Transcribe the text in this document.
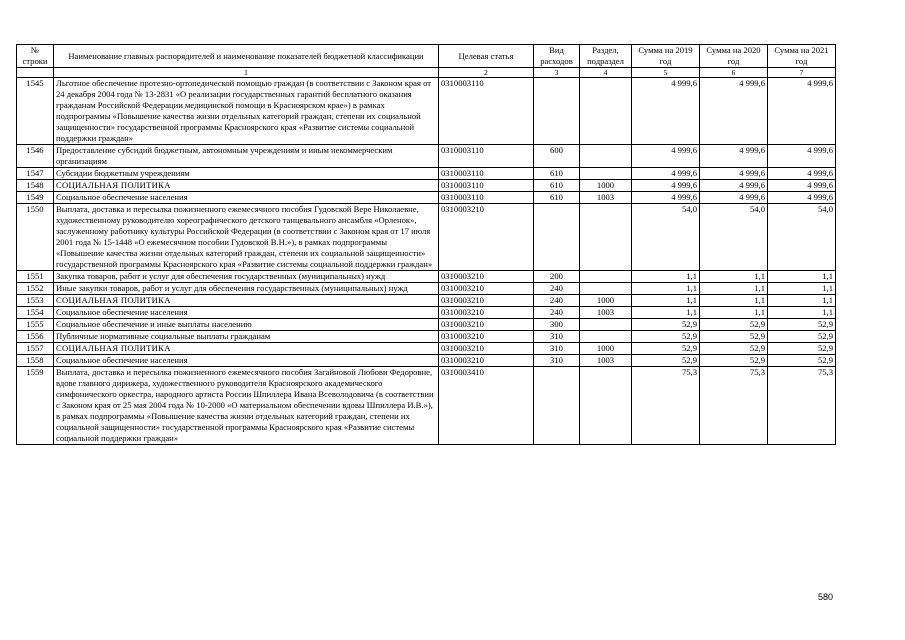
№ строки	Наименование главных распорядителей и наименование показателей бюджетной классификации	Целевая статья	Вид расходов	Раздел, подраздел	Сумма на 2019 год	Сумма на 2020 год	Сумма на 2021 год
	1	2	3	4	5	6	7
1545	Льготное обеспечение протезно-ортопедической помощью граждан (в соответствии с Законом края от 24 декабря 2004 года № 13-2831 «О реализации государственных гарантий бесплатного оказания гражданам Российской Федерации медицинской помощи в Красноярском крае») в рамках подпрограммы «Повышение качества жизни отдельных категорий граждан, степени их социальной защищенности» государственной программы Красноярского края «Развитие системы социальной поддержки граждан»	0310003110			4 999,6	4 999,6	4 999,6
1546	Предоставление субсидий бюджетным, автономным учреждениям и иным некоммерческим организациям	0310003110	600		4 999,6	4 999,6	4 999,6
1547	Субсидии бюджетным учреждениям	0310003110	610		4 999,6	4 999,6	4 999,6
1548	СОЦИАЛЬНАЯ ПОЛИТИКА	0310003110	610	1000	4 999,6	4 999,6	4 999,6
1549	Социальное обеспечение населения	0310003110	610	1003	4 999,6	4 999,6	4 999,6
1550	Выплата, доставка и пересылка пожизненного ежемесячного пособия Гудовской Вере Николаевне, художественному руководителю хореографического детского танцевального ансамбля «Орленок», заслуженному работнику культуры Российской Федерации (в соответствии с Законом края от 17 июля 2001 года № 15-1448 «О ежемесячном пособии Гудовской В.Н.»), в рамках подпрограммы «Повышение качества жизни отдельных категорий граждан, степени их социальной защищенности» государственной программы Красноярского края «Развитие системы социальной поддержки граждан»	0310003210			54,0	54,0	54,0
1551	Закупка товаров, работ и услуг для обеспечения государственных (муниципальных) нужд	0310003210	200		1,1	1,1	1,1
1552	Иные закупки товаров, работ и услуг для обеспечения государственных (муниципальных) нужд	0310003210	240		1,1	1,1	1,1
1553	СОЦИАЛЬНАЯ ПОЛИТИКА	0310003210	240	1000	1,1	1,1	1,1
1554	Социальное обеспечение населения	0310003210	240	1003	1,1	1,1	1,1
1555	Социальное обеспечение и иные выплаты населению	0310003210	300		52,9	52,9	52,9
1556	Публичные нормативные социальные выплаты гражданам	0310003210	310		52,9	52,9	52,9
1557	СОЦИАЛЬНАЯ ПОЛИТИКА	0310003210	310	1000	52,9	52,9	52,9
1558	Социальное обеспечение населения	0310003210	310	1003	52,9	52,9	52,9
1559	Выплата, доставка и пересылка пожизненного ежемесячного пособия Загайновой Любови Федоровне, вдове главного дирижера, художественного руководителя Красноярского академического симфонического оркестра, народного артиста России Шпиллера Ивана Всеволодовича (в соответствии с Законом края от 25 мая 2004 года № 10-2000 «О материальном обеспечении вдовы Шпиллера И.В.»), в рамках подпрограммы «Повышение качества жизни отдельных категорий граждан, степени их социальной защищенности» государственной программы Красноярского края «Развитие системы социальной поддержки граждан»	0310003410			75,3	75,3	75,3
580
